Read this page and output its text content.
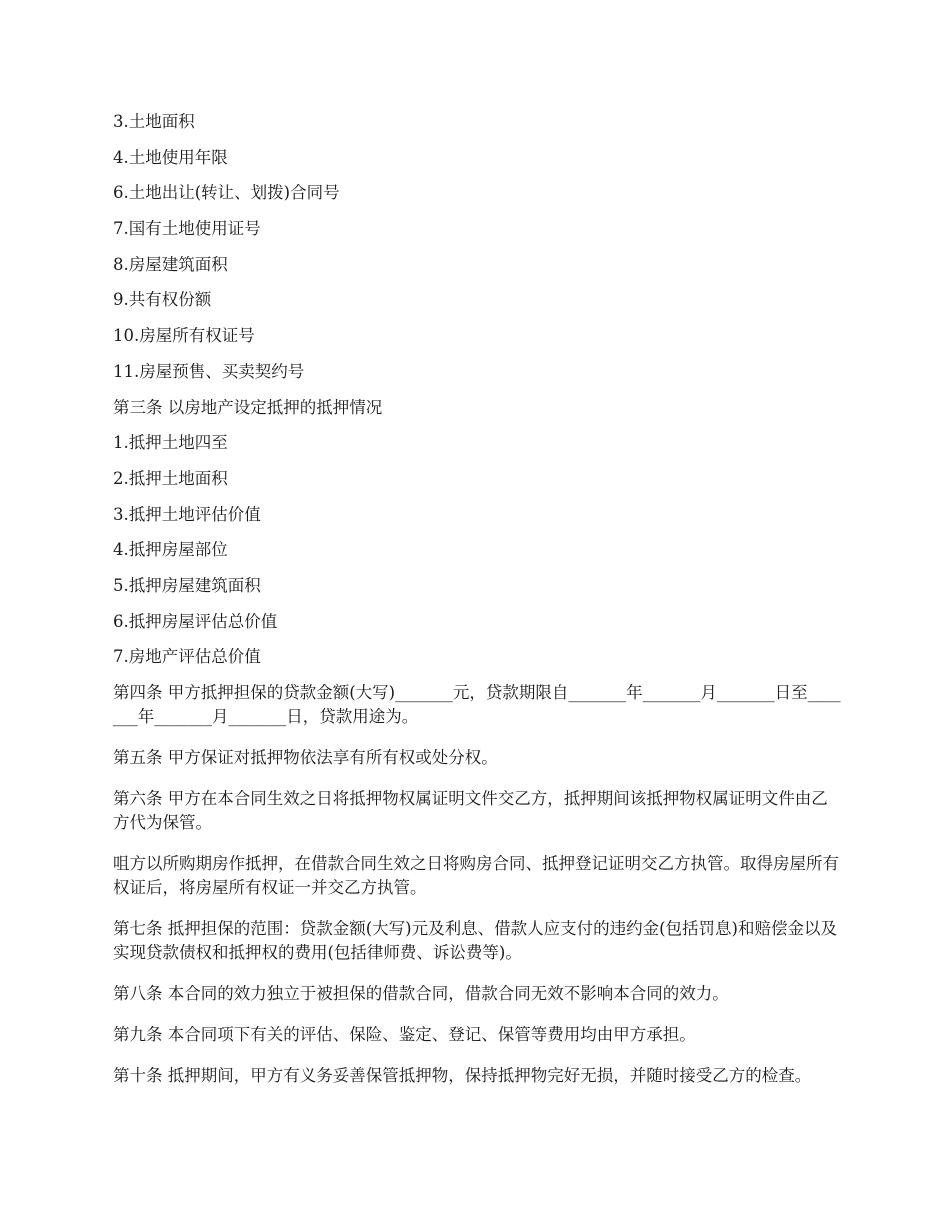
3.土地面积

4.土地使用年限

6.土地出让(转让、划拨)合同号

7.国有土地使用证号

8.房屋建筑面积

9.共有权份额

10.房屋所有权证号

11.房屋预售、买卖契约号

第三条 以房地产设定抵押的抵押情况

1.抵押土地四至

2.抵押土地面积

3.抵押土地评估价值

4.抵押房屋部位

5.抵押房屋建筑面积

6.抵押房屋评估总价值

7.房地产评估总价值

第四条 甲方抵押担保的贷款金额(大写)_______元，贷款期限自_______年_______月_______日至_______年_______月_______日，贷款用途为。

第五条 甲方保证对抵押物依法享有所有权或处分权。

第六条 甲方在本合同生效之日将抵押物权属证明文件交乙方，抵押期间该抵押物权属证明文件由乙方代为保管。

咀方以所购期房作抵押，在借款合同生效之日将购房合同、抵押登记证明交乙方执管。取得房屋所有权证后，将房屋所有权证一并交乙方执管。

第七条 抵押担保的范围：贷款金额(大写)元及利息、借款人应支付的违约金(包括罚息)和赔偿金以及实现贷款债权和抵押权的费用(包括律师费、诉讼费等)。

第八条 本合同的效力独立于被担保的借款合同，借款合同无效不影响本合同的效力。

第九条 本合同项下有关的评估、保险、鉴定、登记、保管等费用均由甲方承担。

第十条 抵押期间，甲方有义务妥善保管抵押物，保持抵押物完好无损，并随时接受乙方的检查。
